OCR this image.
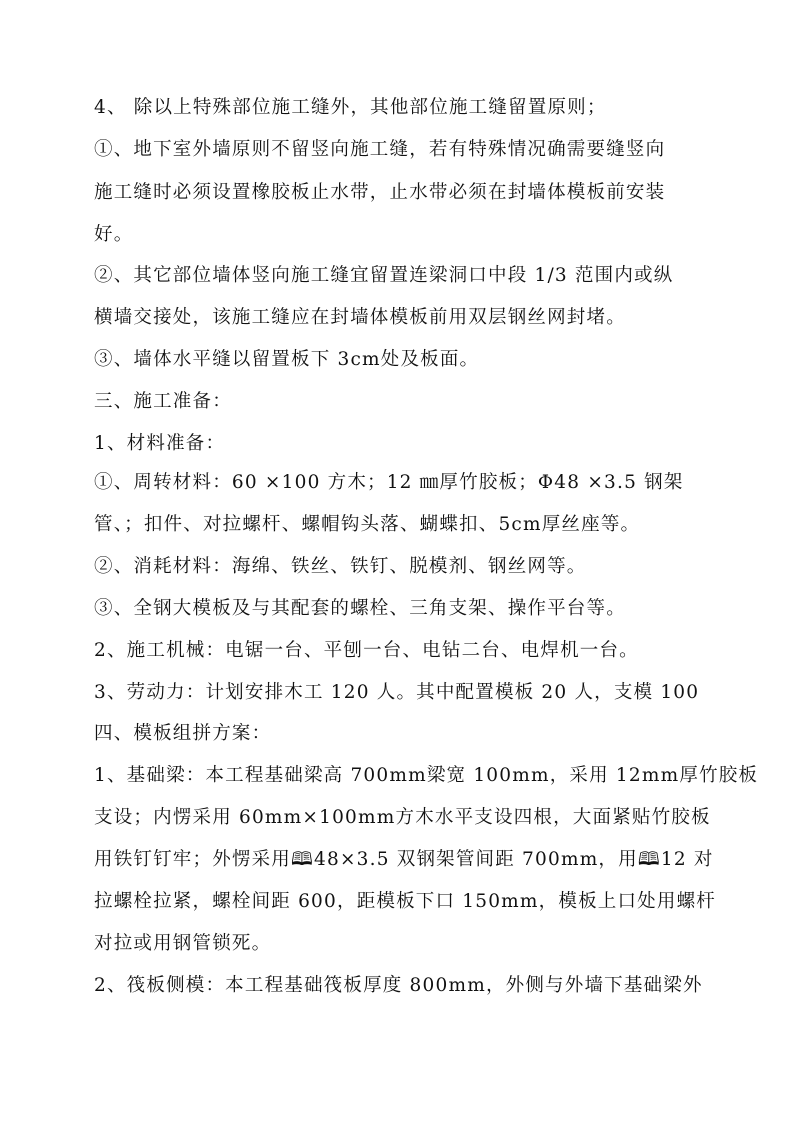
4、 除以上特殊部位施工缝外，其他部位施工缝留置原则；
①、地下室外墙原则不留竖向施工缝，若有特殊情况确需要缝竖向
施工缝时必须设置橡胶板止水带，止水带必须在封墙体模板前安装
好。
②、其它部位墙体竖向施工缝宜留置连梁洞口中段 1/3 范围内或纵
横墙交接处，该施工缝应在封墙体模板前用双层钢丝网封堵。
③、墙体水平缝以留置板下 3cm处及板面。
三、施工准备：
1、材料准备：
①、周转材料：60 ×100 方木；12 ㎜厚竹胶板；Φ48 ×3.5 钢架
管、；扣件、对拉螺杆、螺帽钩头落、蝴蝶扣、5cm厚丝座等。
②、消耗材料：海绵、铁丝、铁钉、脱模剂、钢丝网等。
③、全钢大模板及与其配套的螺栓、三角支架、操作平台等。
2、施工机械：电锯一台、平刨一台、电钻二台、电焊机一台。
3、劳动力：计划安排木工 120 人。其中配置模板 20 人，支模 100
四、模板组拼方案：
1、基础梁：本工程基础梁高 700mm梁宽 100mm，采用 12mm厚竹胶板
支设；内愣采用 60mm×100mm方木水平支设四根，大面紧贴竹胶板
用铁钉钉牢；外愣采用🕮48×3.5 双钢架管间距 700mm，用🕮12 对
拉螺栓拉紧，螺栓间距 600，距模板下口 150mm，模板上口处用螺杆
对拉或用钢管锁死。
2、筏板侧模：本工程基础筏板厚度 800mm，外侧与外墙下基础梁外
